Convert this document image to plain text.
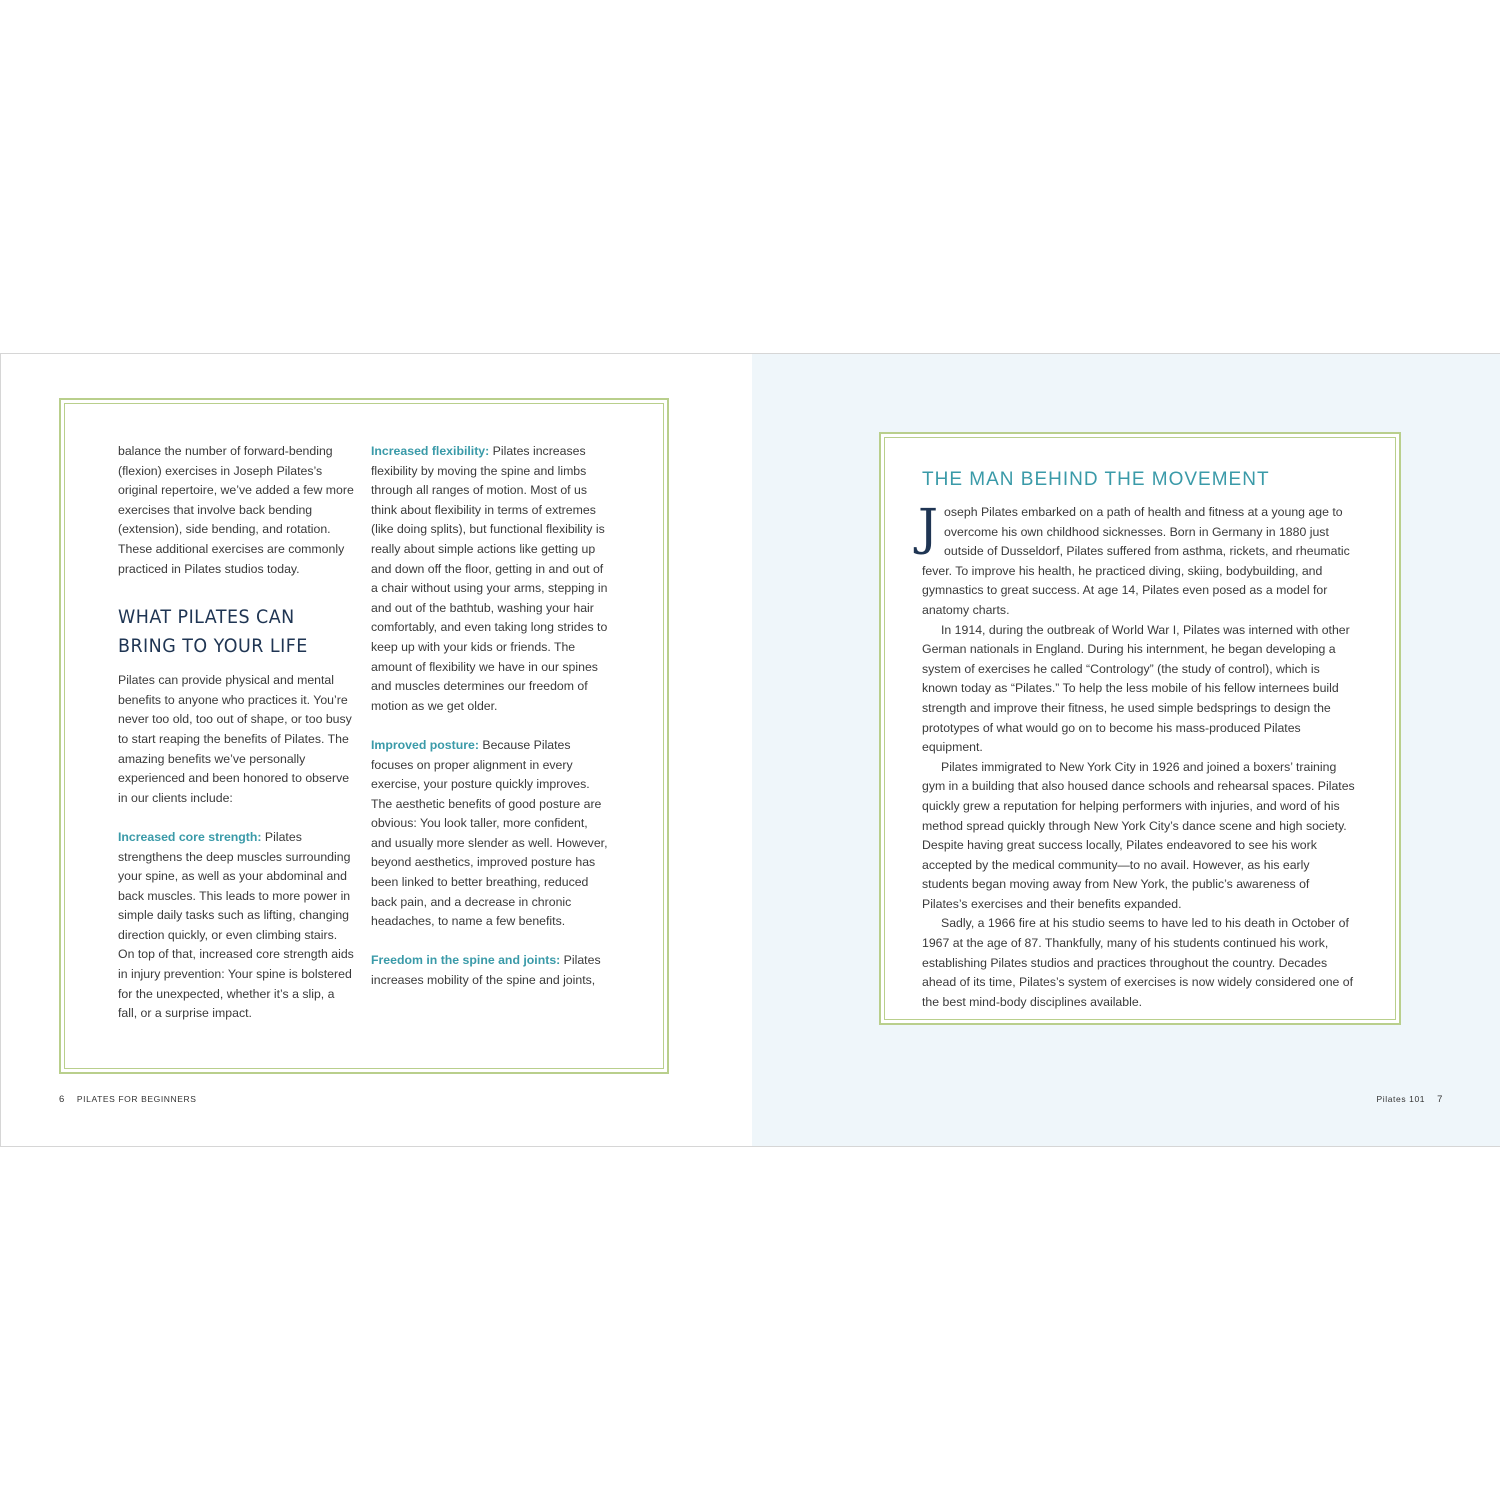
balance the number of forward-bending (flexion) exercises in Joseph Pilates’s original repertoire, we’ve added a few more exercises that involve back bending (extension), side bending, and rotation. These additional exercises are commonly practiced in Pilates studios today.

WHAT PILATES CAN BRING TO YOUR LIFE

Pilates can provide physical and mental benefits to anyone who practices it. You’re never too old, too out of shape, or too busy to start reaping the benefits of Pilates. The amazing benefits we’ve personally experienced and been honored to observe in our clients include:

Increased core strength: Pilates strengthens the deep muscles surrounding your spine, as well as your abdominal and back muscles. This leads to more power in simple daily tasks such as lifting, changing direction quickly, or even climbing stairs. On top of that, increased core strength aids in injury prevention: Your spine is bolstered for the unexpected, whether it’s a slip, a fall, or a surprise impact.

Increased flexibility: Pilates increases flexibility by moving the spine and limbs through all ranges of motion. Most of us think about flexibility in terms of extremes (like doing splits), but functional flexibility is really about simple actions like getting up and down off the floor, getting in and out of a chair without using your arms, stepping in and out of the bathtub, washing your hair comfortably, and even taking long strides to keep up with your kids or friends. The amount of flexibility we have in our spines and muscles determines our freedom of motion as we get older.

Improved posture: Because Pilates focuses on proper alignment in every exercise, your posture quickly improves. The aesthetic benefits of good posture are obvious: You look taller, more confident, and usually more slender as well. However, beyond aesthetics, improved posture has been linked to better breathing, reduced back pain, and a decrease in chronic headaches, to name a few benefits.

Freedom in the spine and joints: Pilates increases mobility of the spine and joints,

THE MAN BEHIND THE MOVEMENT

Joseph Pilates embarked on a path of health and fitness at a young age to overcome his own childhood sicknesses. Born in Germany in 1880 just outside of Dusseldorf, Pilates suffered from asthma, rickets, and rheumatic fever. To improve his health, he practiced diving, skiing, bodybuilding, and gymnastics to great success. At age 14, Pilates even posed as a model for anatomy charts.

In 1914, during the outbreak of World War I, Pilates was interned with other German nationals in England. During his internment, he began developing a system of exercises he called “Contrology” (the study of control), which is known today as “Pilates.” To help the less mobile of his fellow internees build strength and improve their fitness, he used simple bedsprings to design the prototypes of what would go on to become his mass-produced Pilates equipment.

Pilates immigrated to New York City in 1926 and joined a boxers’ training gym in a building that also housed dance schools and rehearsal spaces. Pilates quickly grew a reputation for helping performers with injuries, and word of his method spread quickly through New York City’s dance scene and high society. Despite having great success locally, Pilates endeavored to see his work accepted by the medical community—to no avail. However, as his early students began moving away from New York, the public’s awareness of Pilates’s exercises and their benefits expanded.

Sadly, a 1966 fire at his studio seems to have led to his death in October of 1967 at the age of 87. Thankfully, many of his students continued his work, establishing Pilates studios and practices throughout the country. Decades ahead of its time, Pilates’s system of exercises is now widely considered one of the best mind-body disciplines available.

6 PILATES FOR BEGINNERS	Pilates 101 7
